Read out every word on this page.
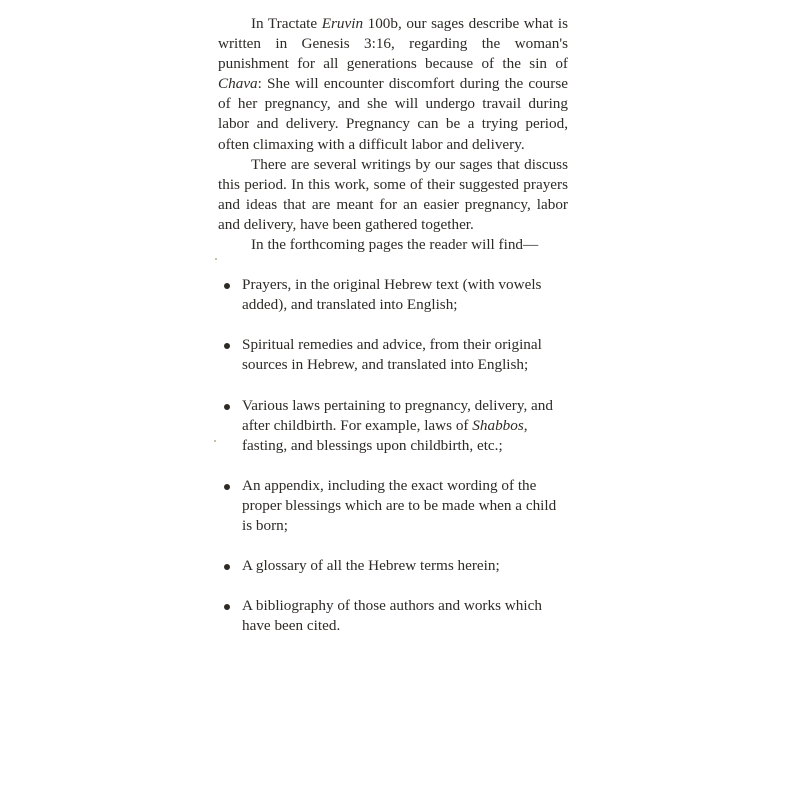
In Tractate Eruvin 100b, our sages describe what is written in Genesis 3:16, regarding the woman's punishment for all generations because of the sin of Chava: She will encounter discomfort during the course of her pregnancy, and she will undergo travail during labor and delivery. Pregnancy can be a trying period, often climaxing with a difficult labor and delivery.

There are several writings by our sages that discuss this period. In this work, some of their suggested prayers and ideas that are meant for an easier pregnancy, labor and delivery, have been gathered together.

In the forthcoming pages the reader will find—

Prayers, in the original Hebrew text (with vowels added), and translated into English;
Spiritual remedies and advice, from their original sources in Hebrew, and translated into English;
Various laws pertaining to pregnancy, delivery, and after childbirth. For example, laws of Shabbos, fasting, and blessings upon childbirth, etc.;
An appendix, including the exact wording of the proper blessings which are to be made when a child is born;
A glossary of all the Hebrew terms herein;
A bibliography of those authors and works which have been cited.
